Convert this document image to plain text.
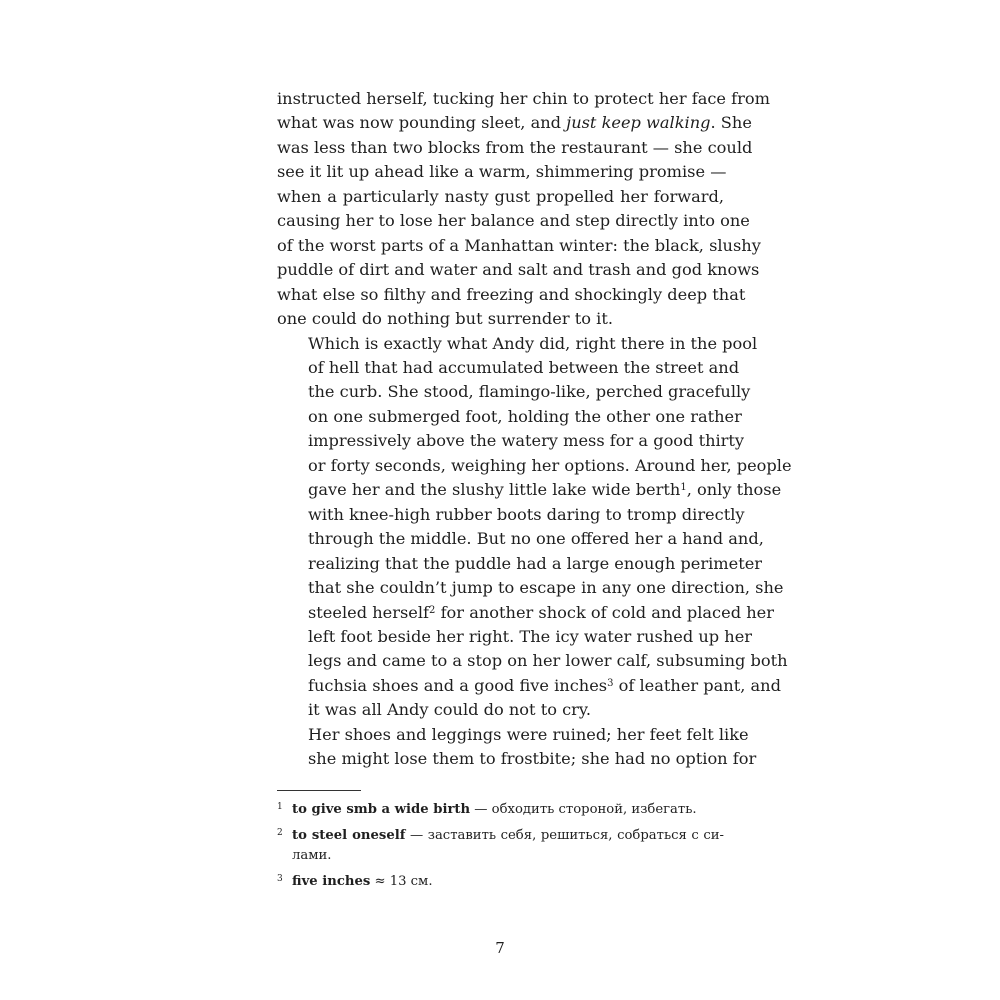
instructed herself, tucking her chin to protect her face from
what was now pounding sleet, and just keep walking. She
was less than two blocks from the restaurant — she could
see it lit up ahead like a warm, shimmering promise —
when a particularly nasty gust propelled her forward,
causing her to lose her balance and step directly into one
of the worst parts of a Manhattan winter: the black, slushy
puddle of dirt and water and salt and trash and god knows
what else so filthy and freezing and shockingly deep that
one could do nothing but surrender to it.

Which is exactly what Andy did, right there in the pool
of hell that had accumulated between the street and
the curb. She stood, flamingo-like, perched gracefully
on one submerged foot, holding the other one rather
impressively above the watery mess for a good thirty
or forty seconds, weighing her options. Around her, people
gave her and the slushy little lake wide berth$^1$, only those
with knee-high rubber boots daring to tromp directly
through the middle. But no one offered her a hand and,
realizing that the puddle had a large enough perimeter
that she couldn’t jump to escape in any one direction, she
steeled herself$^2$ for another shock of cold and placed her
left foot beside her right. The icy water rushed up her
legs and came to a stop on her lower calf, subsuming both
fuchsia shoes and a good five inches$^3$ of leather pant, and
it was all Andy could do not to cry.

Her shoes and leggings were ruined; her feet felt like
she might lose them to frostbite; she had no option for

1 to give smb a wide birth — обходить стороной, избегать.
2 to steel oneself — заставить себя, решиться, собраться с си-
лами.
3 five inches ≈ 13 см.
7
